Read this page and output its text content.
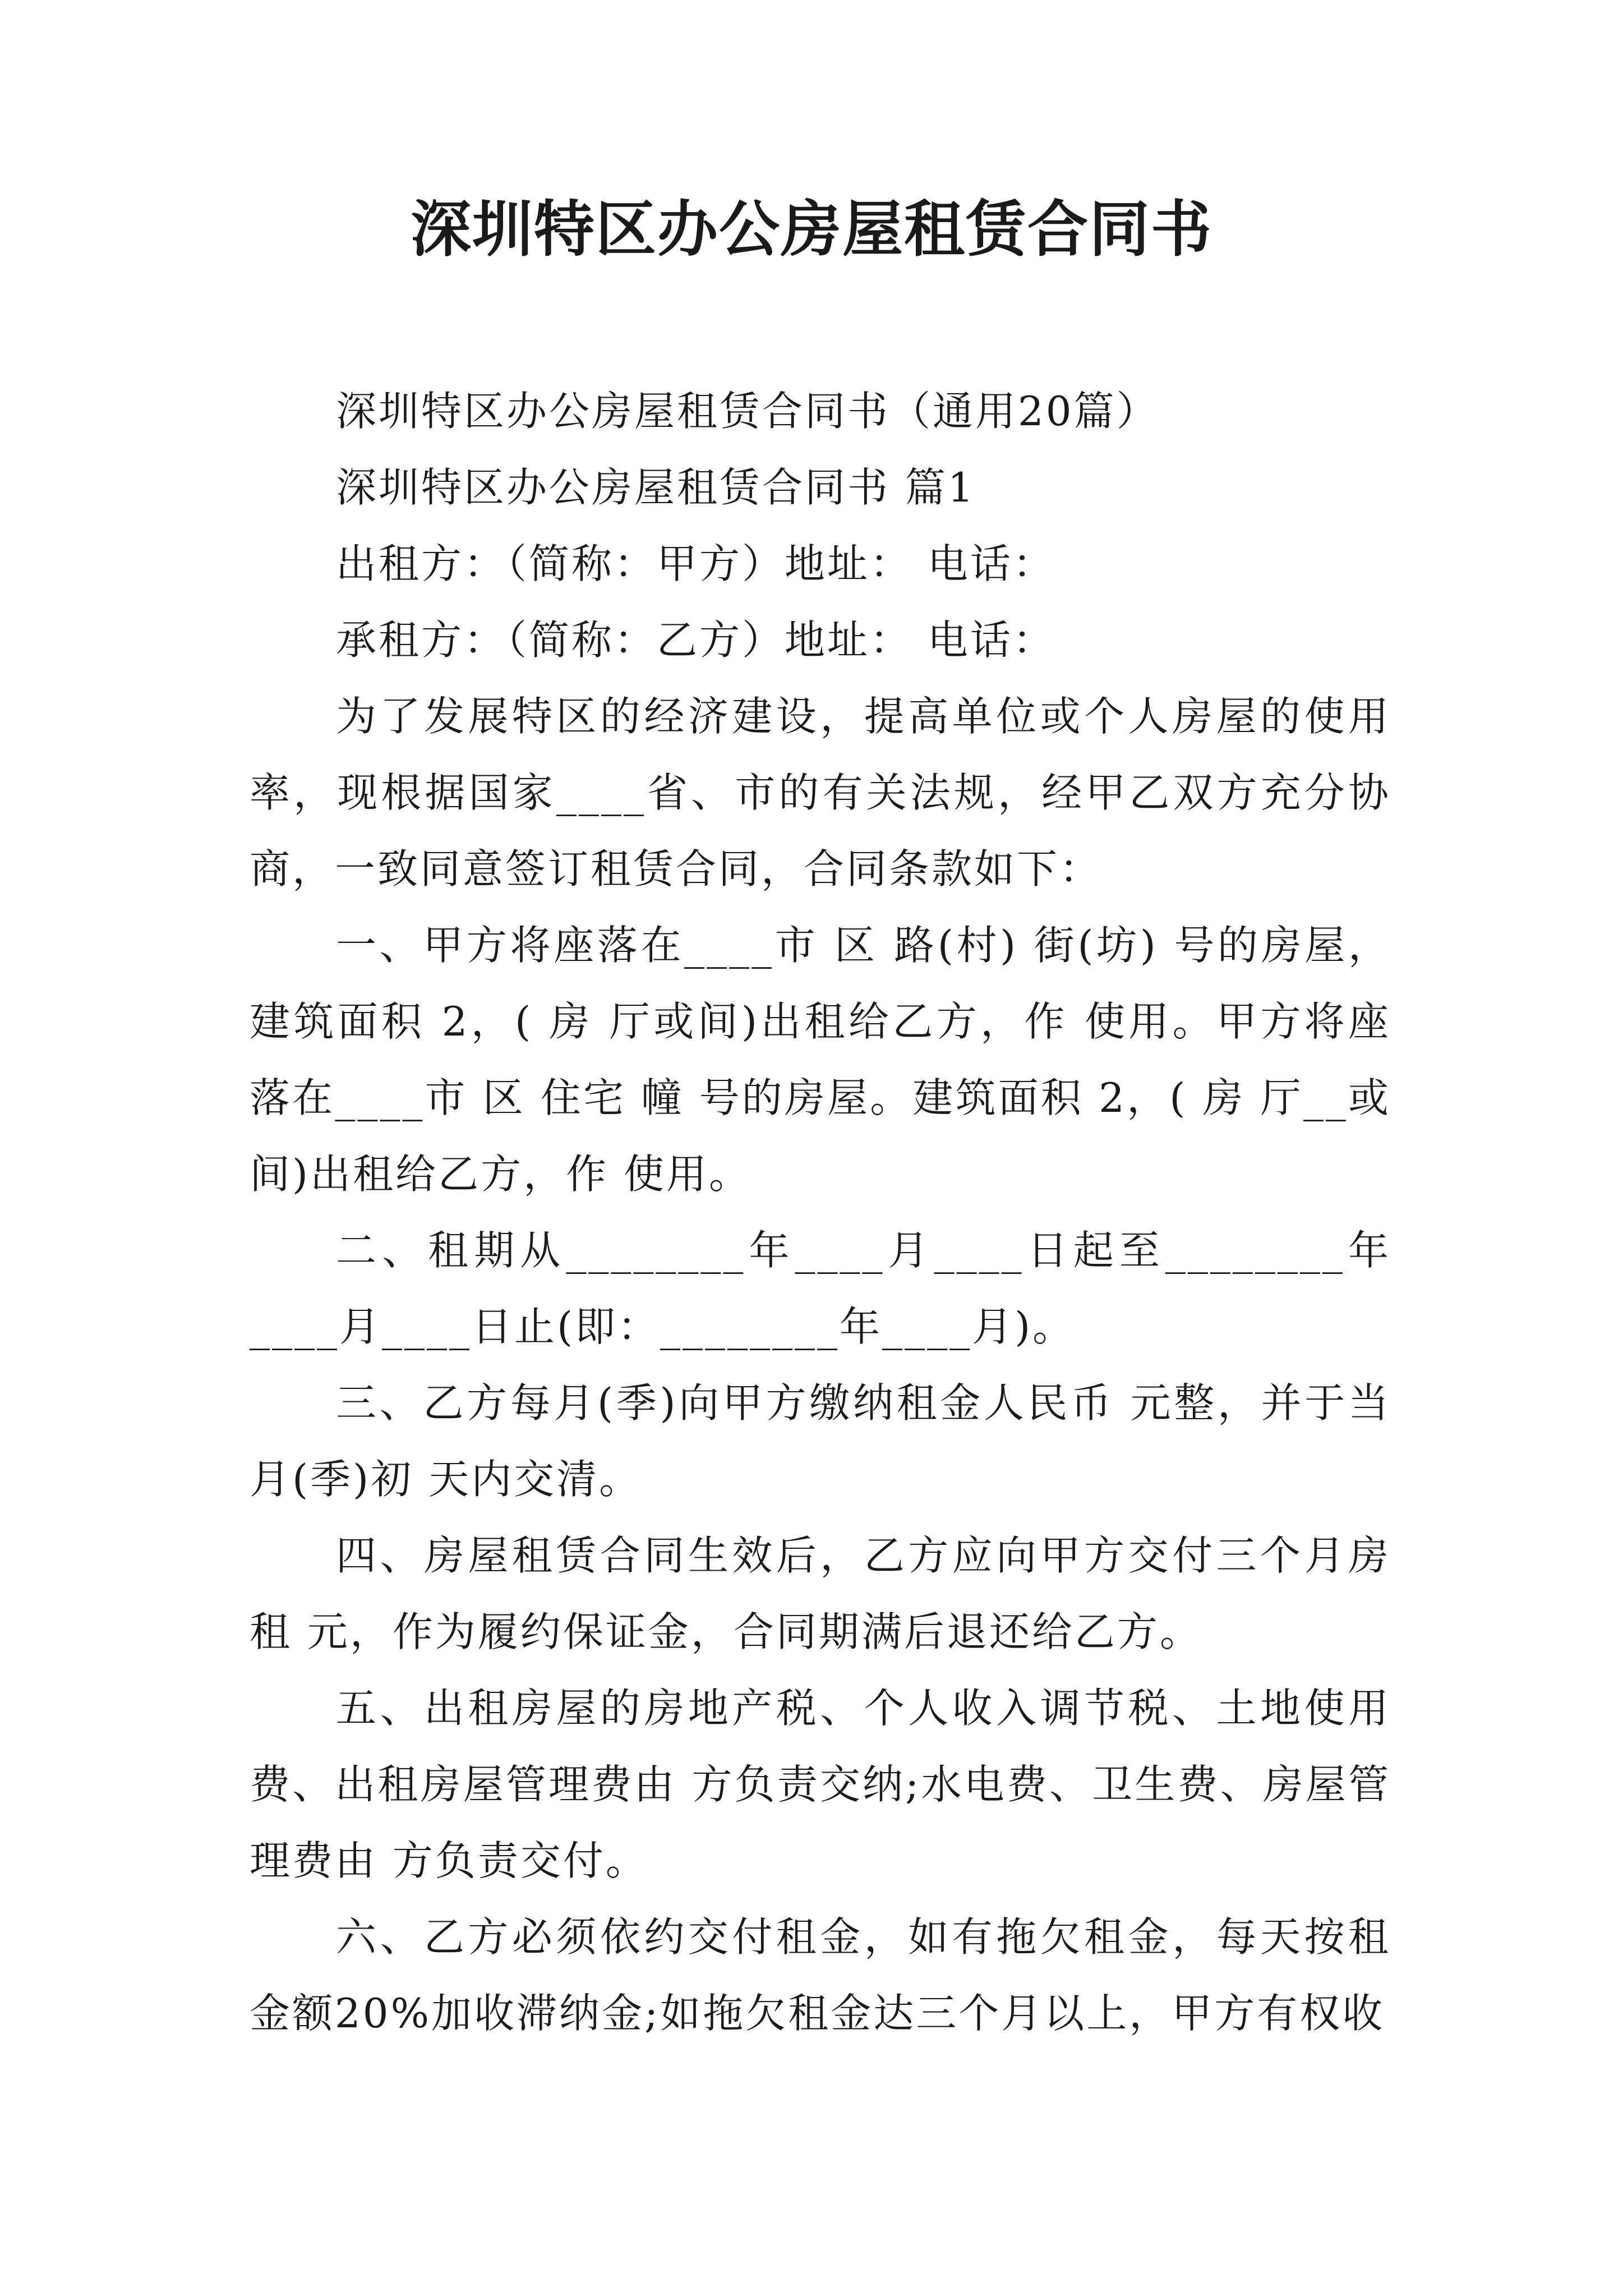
深圳特区办公房屋租赁合同书

深圳特区办公房屋租赁合同书（通用20篇）

深圳特区办公房屋租赁合同书 篇1

出租方：（简称：甲方）地址： 电话：

承租方：（简称：乙方）地址： 电话：

为了发展特区的经济建设，提高单位或个人房屋的使用率，现根据国家____省、市的有关法规，经甲乙双方充分协商，一致同意签订租赁合同，合同条款如下：

一、甲方将座落在____市 区 路(村) 街(坊) 号的房屋，建筑面积 2，( 房 厅或间)出租给乙方，作 使用。甲方将座落在____市 区 住宅 幢 号的房屋。建筑面积 2，( 房 厅__或间)出租给乙方，作 使用。

二、租期从________年____月____日起至________年____月____日止(即：________年____月)。

三、乙方每月(季)向甲方缴纳租金人民币 元整，并于当月(季)初 天内交清。

四、房屋租赁合同生效后，乙方应向甲方交付三个月房租 元，作为履约保证金，合同期满后退还给乙方。

五、出租房屋的房地产税、个人收入调节税、土地使用费、出租房屋管理费由 方负责交纳;水电费、卫生费、房屋管理费由 方负责交付。

六、乙方必须依约交付租金，如有拖欠租金，每天按租金额20%加收滞纳金;如拖欠租金达三个月以上，甲方有权收
